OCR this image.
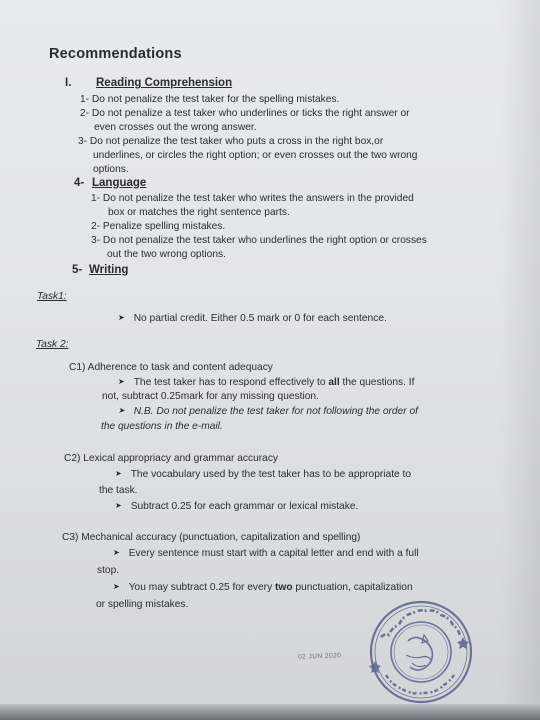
Recommendations
I. Reading Comprehension
1- Do not penalize the test taker for the spelling mistakes.
2- Do not penalize a test taker who underlines or ticks the right answer or
even crosses out the wrong answer.
3- Do not penalize the test taker who puts a cross in the right box,or
underlines, or circles the right option; or even crosses out the two wrong
options.
4- Language
1- Do not penalize the test taker who writes the answers in the provided
box or matches the right sentence parts.
2- Penalize spelling mistakes.
3- Do not penalize the test taker who underlines the right option or crosses
out the two wrong options.
5- Writing
Task1:
➤ No partial credit. Either 0.5 mark or 0 for each sentence.
Task 2:
C1) Adherence to task and content adequacy
➤ The test taker has to respond effectively to all the questions. If
not, subtract 0.25mark for any missing question.
➤ N.B. Do not penalize the test taker for not following the order of
the questions in the e-mail.
C2) Lexical appropriacy and grammar accuracy
➤ The vocabulary used by the test taker has to be appropriate to
the task.
➤ Subtract 0.25 for each grammar or lexical mistake.
C3) Mechanical accuracy (punctuation, capitalization and spelling)
➤ Every sentence must start with a capital letter and end with a full
stop.
➤ You may subtract 0.25 for every two punctuation, capitalization
or spelling mistakes.
02 JUN 2020
